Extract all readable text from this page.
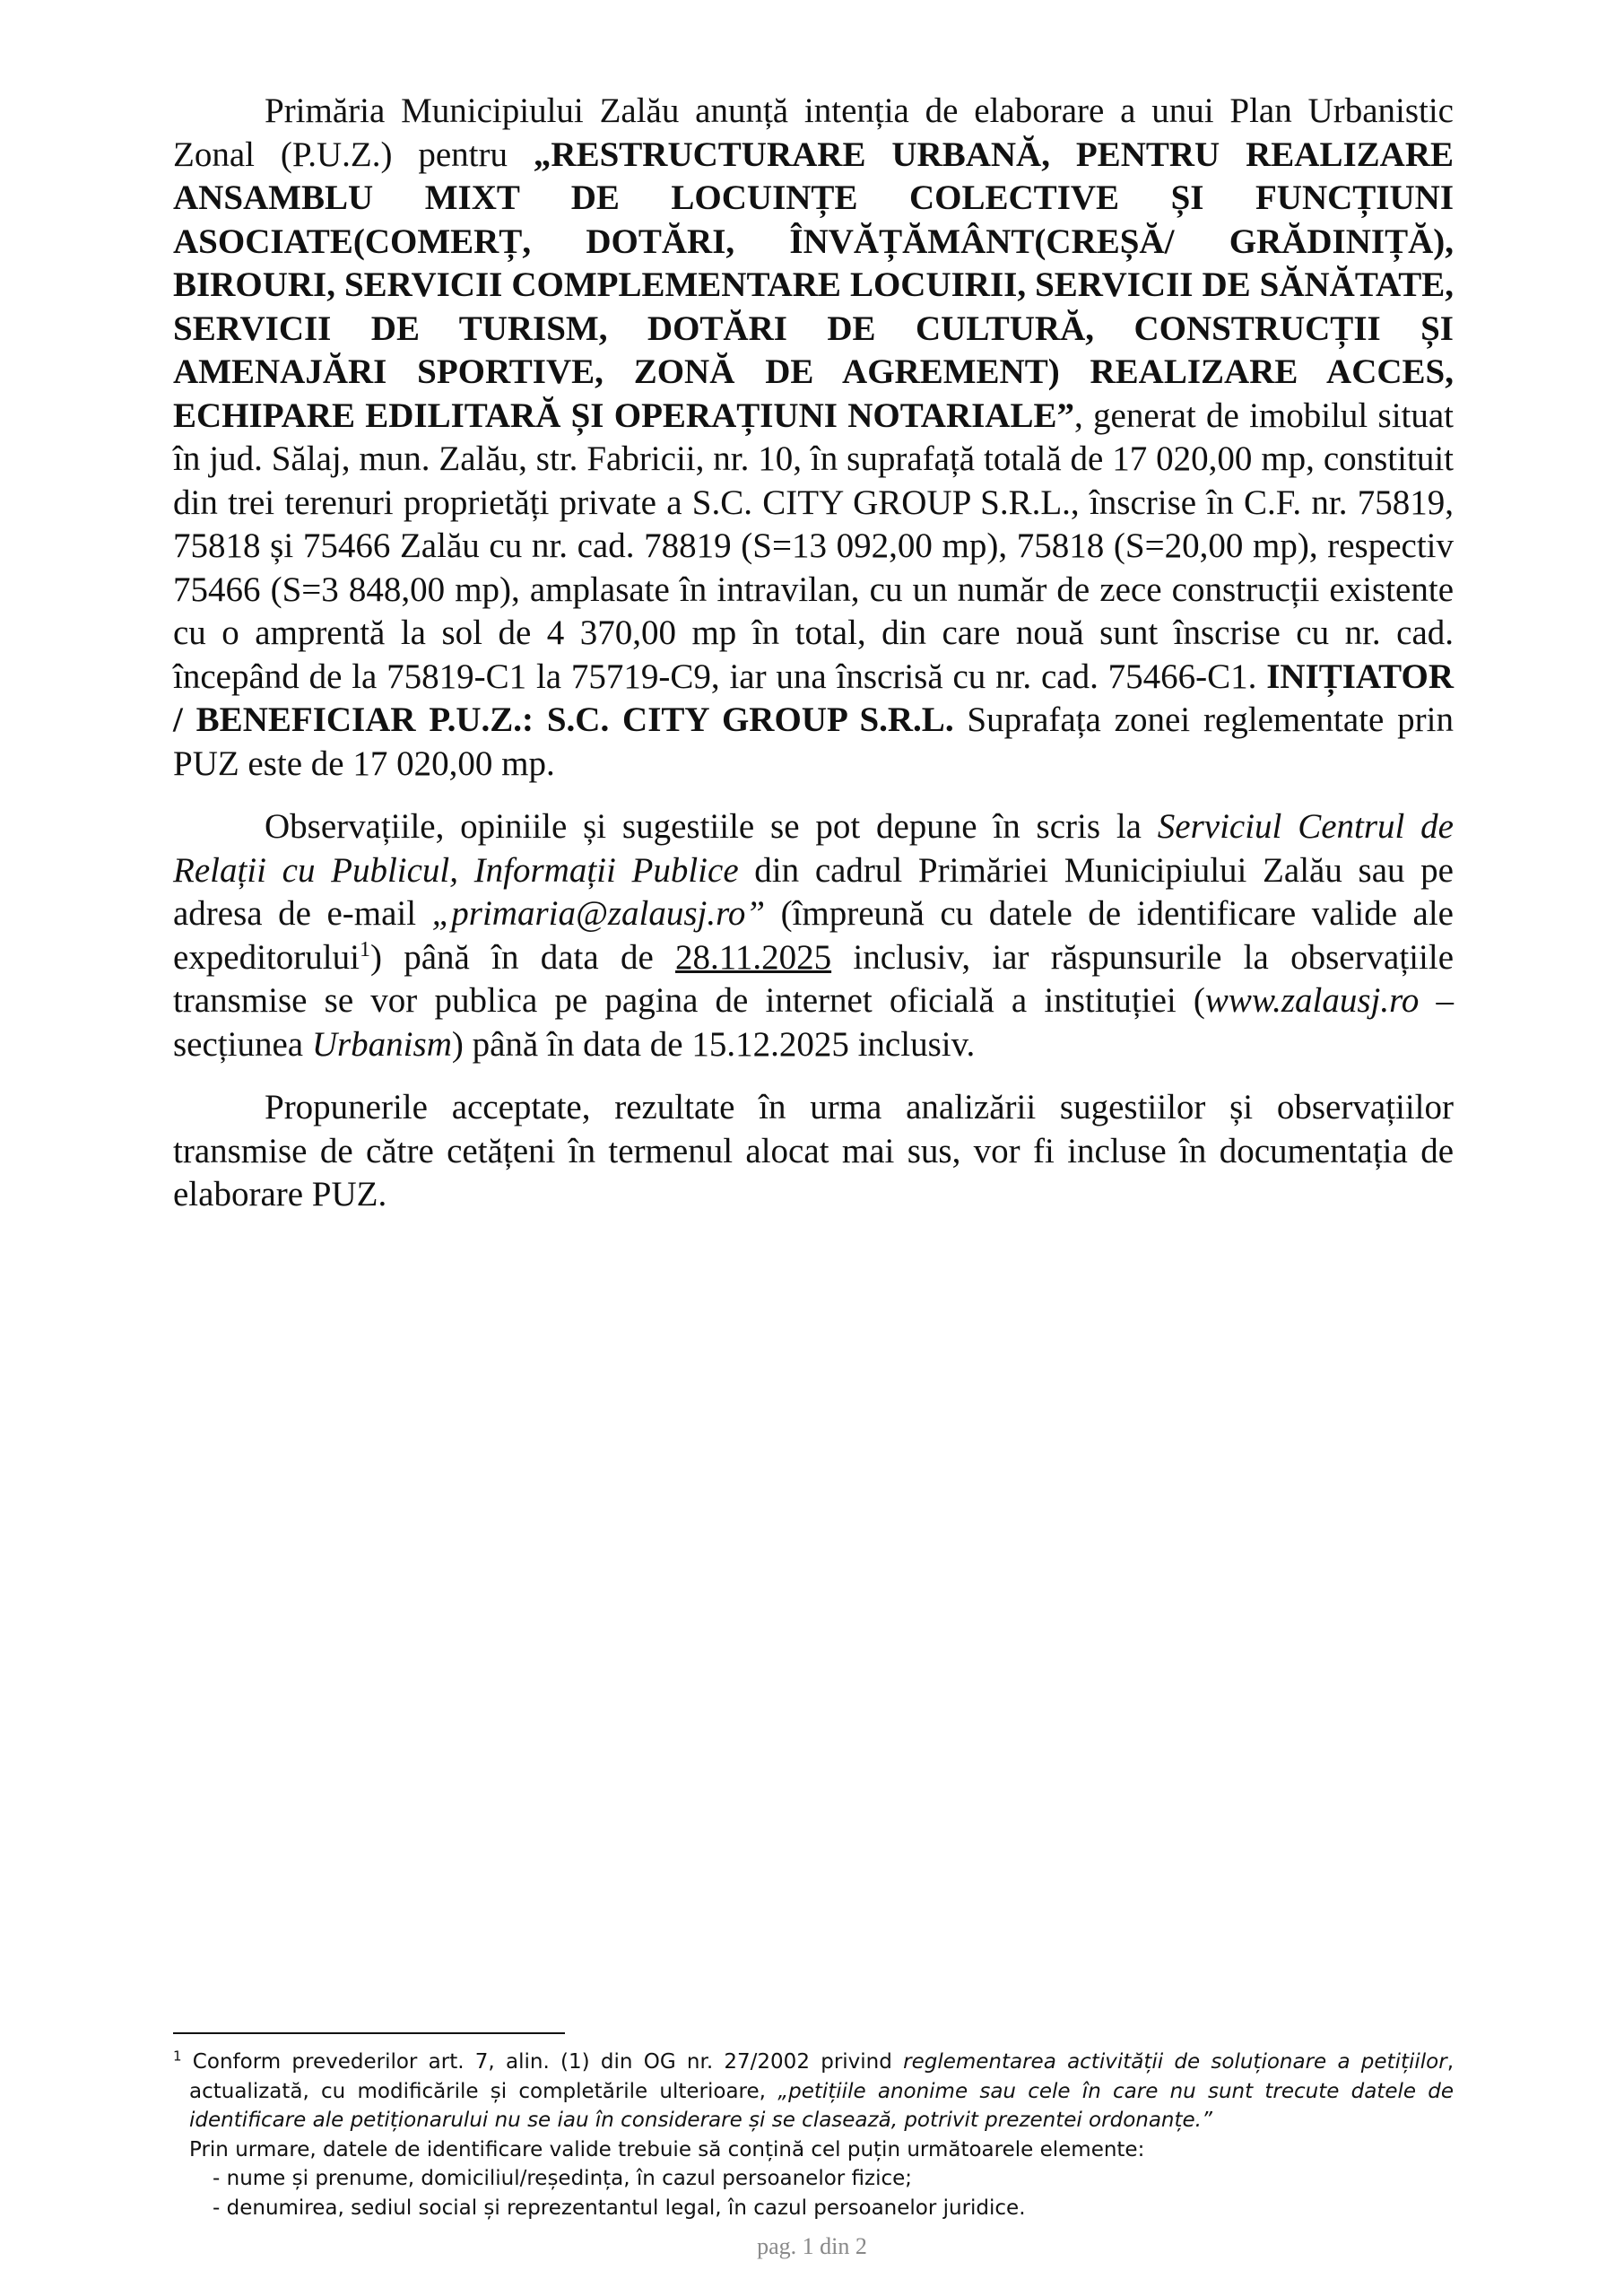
Primăria Municipiului Zalău anunță intenția de elaborare a unui Plan Urbanistic Zonal (P.U.Z.) pentru „RESTRUCTURARE URBANĂ, PENTRU REALIZARE ANSAMBLU MIXT DE LOCUINȚE COLECTIVE ȘI FUNCȚIUNI ASOCIATE(COMERȚ, DOTĂRI, ÎNVĂȚĂMÂNT(CREȘĂ/ GRĂDINIȚĂ), BIROURI, SERVICII COMPLEMENTARE LOCUIRII, SERVICII DE SĂNĂTATE, SERVICII DE TURISM, DOTĂRI DE CULTURĂ, CONSTRUCȚII ȘI AMENAJĂRI SPORTIVE, ZONĂ DE AGREMENT) REALIZARE ACCES, ECHIPARE EDILITARĂ ȘI OPERAȚIUNI NOTARIALE”, generat de imobilul situat în jud. Sălaj, mun. Zalău, str. Fabricii, nr. 10, în suprafață totală de 17 020,00 mp, constituit din trei terenuri proprietăți private a S.C. CITY GROUP S.R.L., înscrise în C.F. nr. 75819, 75818 și 75466 Zalău cu nr. cad. 78819 (S=13 092,00 mp), 75818 (S=20,00 mp), respectiv 75466 (S=3 848,00 mp), amplasate în intravilan, cu un număr de zece construcții existente cu o amprentă la sol de 4 370,00 mp în total, din care nouă sunt înscrise cu nr. cad. începând de la 75819-C1 la 75719-C9, iar una înscrisă cu nr. cad. 75466-C1. INIȚIATOR / BENEFICIAR P.U.Z.: S.C. CITY GROUP S.R.L. Suprafața zonei reglementate prin PUZ este de 17 020,00 mp.

Observațiile, opiniile și sugestiile se pot depune în scris la Serviciul Centrul de Relații cu Publicul, Informații Publice din cadrul Primăriei Municipiului Zalău sau pe adresa de e-mail „primaria@zalausj.ro” (împreună cu datele de identificare valide ale expeditorului$^1$) până în data de 28.11.2025 inclusiv, iar răspunsurile la observațiile transmise se vor publica pe pagina de internet oficială a instituției (www.zalausj.ro – secțiunea Urbanism) până în data de 15.12.2025 inclusiv.

Propunerile acceptate, rezultate în urma analizării sugestiilor și observațiilor transmise de către cetățeni în termenul alocat mai sus, vor fi incluse în documentația de elaborare PUZ.

$^1$ Conform prevederilor art. 7, alin. (1) din OG nr. 27/2002 privind reglementarea activității de soluționare a petițiilor, actualizată, cu modificările și completările ulterioare, „petițiile anonime sau cele în care nu sunt trecute datele de identificare ale petiționarului nu se iau în considerare și se clasează, potrivit prezentei ordonanțe.”
Prin urmare, datele de identificare valide trebuie să conțină cel puțin următoarele elemente:
- nume și prenume, domiciliul/reședința, în cazul persoanelor fizice;
- denumirea, sediul social și reprezentantul legal, în cazul persoanelor juridice.
pag. 1 din 2
